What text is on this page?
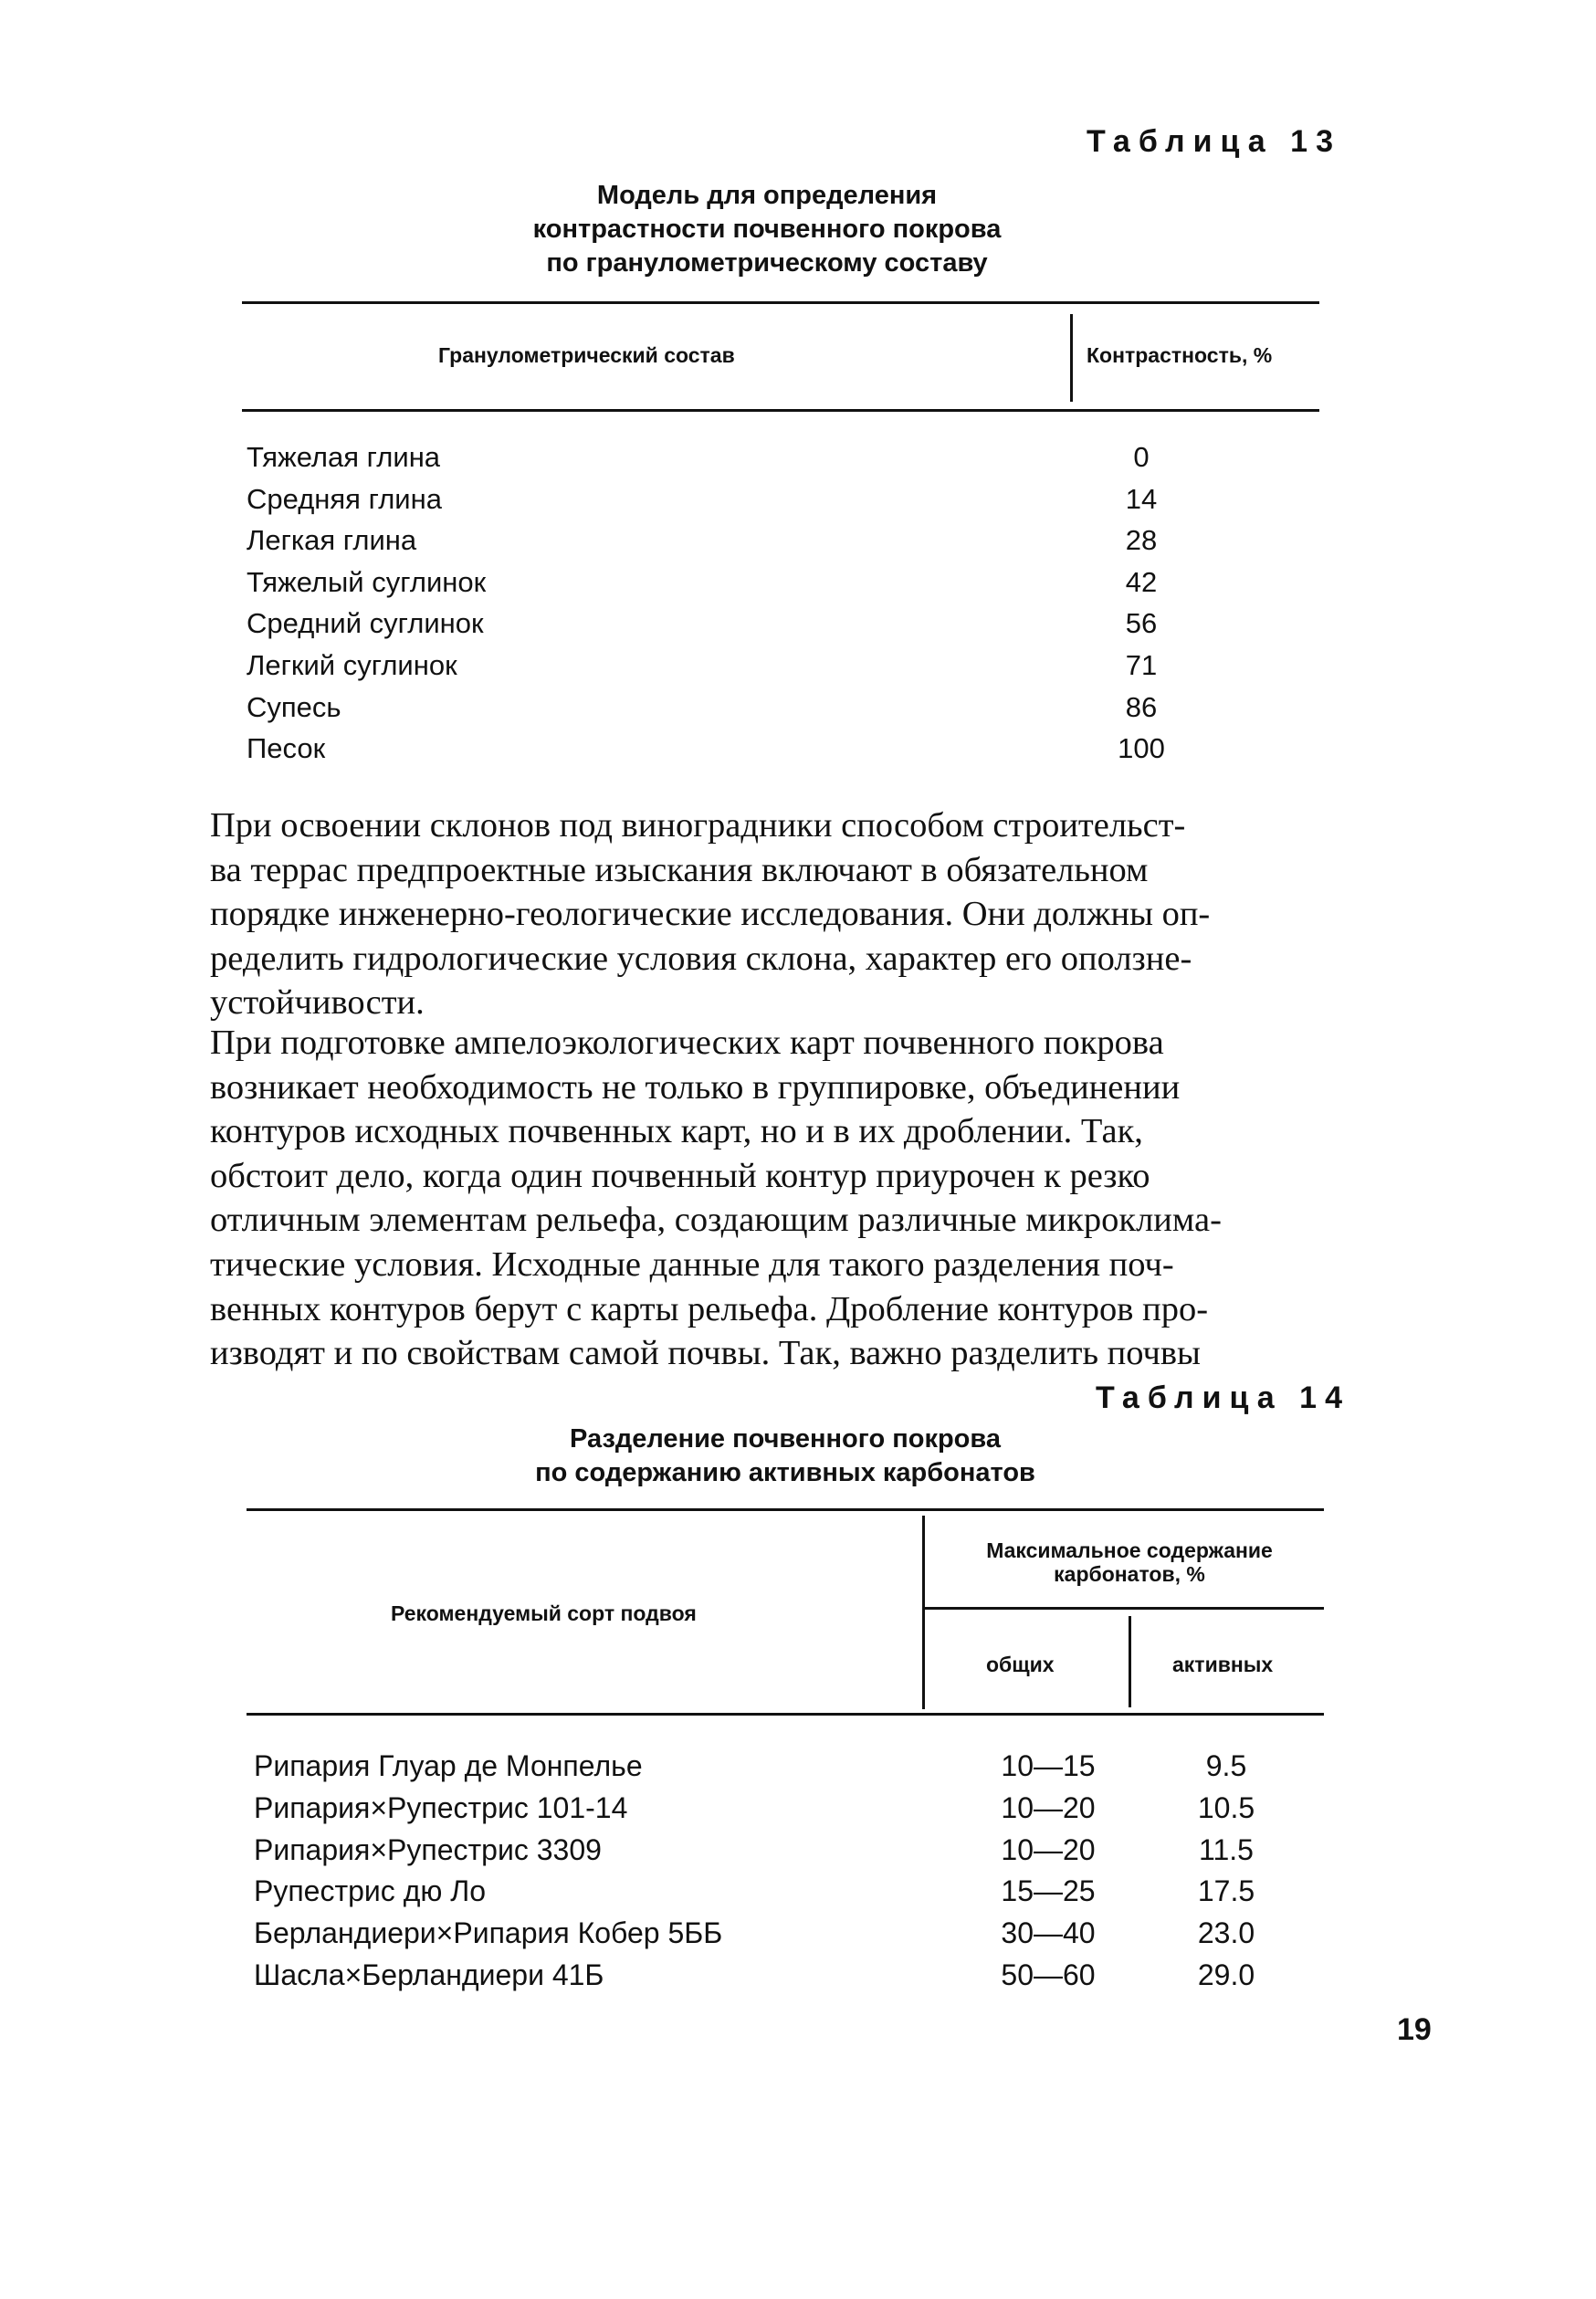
Таблица 13
Модель для определения
контрастности почвенного покрова
по гранулометрическому составу
Гранулометрический состав	Контрастность, %
Тяжелая глина	0
Средняя глина	14
Легкая глина	28
Тяжелый суглинок	42
Средний суглинок	56
Легкий суглинок	71
Супесь	86
Песок	100
При освоении склонов под виноградники способом строительст-
ва террас предпроектные изыскания включают в обязательном
порядке инженерно-геологические исследования. Они должны оп-
ределить гидрологические условия склона, характер его оползне-
устойчивости.
При подготовке ампелоэкологических карт почвенного покрова
возникает необходимость не только в группировке, объединении
контуров исходных почвенных карт, но и в их дроблении. Так,
обстоит дело, когда один почвенный контур приурочен к резко
отличным элементам рельефа, создающим различные микроклима-
тические условия. Исходные данные для такого разделения поч-
венных контуров берут с карты рельефа. Дробление контуров про-
изводят и по свойствам самой почвы. Так, важно разделить почвы
Таблица 14
Разделение почвенного покрова
по содержанию активных карбонатов
Рекомендуемый сорт подвоя
Максимальное содержание
карбонатов, %
общих	активных
Рипария Глуар де Монпелье	10—15	9.5
Рипария×Рупестрис 101-14	10—20	10.5
Рипария×Рупестрис 3309	10—20	11.5
Рупестрис дю Ло	15—25	17.5
Берландиери×Рипария Кобер 5ББ	30—40	23.0
Шасла×Берландиери 41Б	50—60	29.0
19
